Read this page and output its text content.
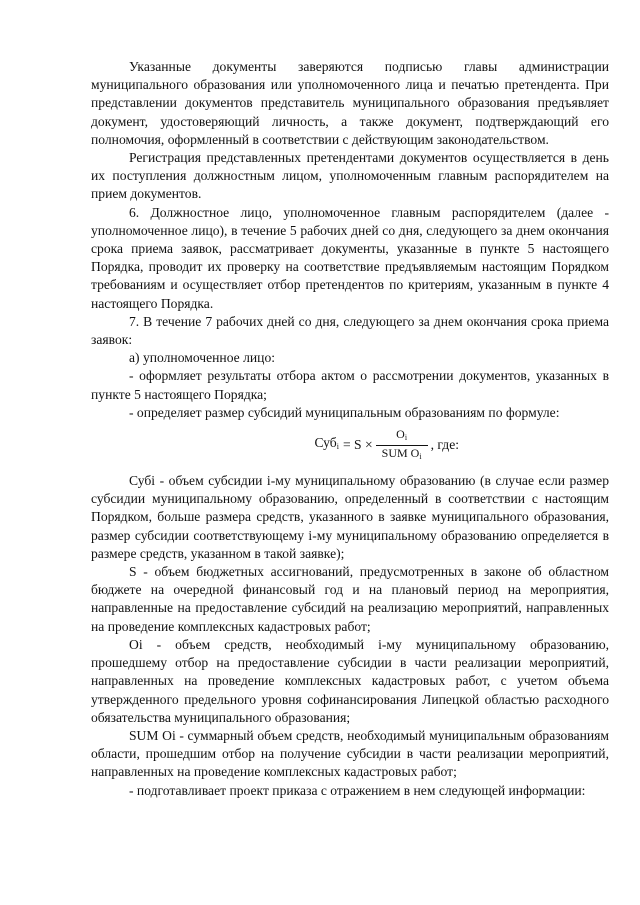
Указанные документы заверяются подписью главы администрации муниципального образования или уполномоченного лица и печатью претендента. При представлении документов представитель муниципального образования предъявляет документ, удостоверяющий личность, а также документ, подтверждающий его полномочия, оформленный в соответствии с действующим законодательством.

Регистрация представленных претендентами документов осуществляется в день их поступления должностным лицом, уполномоченным главным распорядителем на прием документов.

6. Должностное лицо, уполномоченное главным распорядителем (далее - уполномоченное лицо), в течение 5 рабочих дней со дня, следующего за днем окончания срока приема заявок, рассматривает документы, указанные в пункте 5 настоящего Порядка, проводит их проверку на соответствие предъявляемым настоящим Порядком требованиям и осуществляет отбор претендентов по критериям, указанным в пункте 4 настоящего Порядка.

7. В течение 7 рабочих дней со дня, следующего за днем окончания срока приема заявок:

а) уполномоченное лицо:

- оформляет результаты отбора актом о рассмотрении документов, указанных в пункте 5 настоящего Порядка;

- определяет размер субсидий муниципальным образованиям по формуле:

$Суб_i = S \times \frac{O_i}{SUM O_i}$ , где:

Субi - объем субсидии i-му муниципальному образованию (в случае если размер субсидии муниципальному образованию, определенный в соответствии с настоящим Порядком, больше размера средств, указанного в заявке муниципального образования, размер субсидии соответствующему i-му муниципальному образованию определяется в размере средств, указанном в такой заявке);

S - объем бюджетных ассигнований, предусмотренных в законе об областном бюджете на очередной финансовый год и на плановый период на мероприятия, направленные на предоставление субсидий на реализацию мероприятий, направленных на проведение комплексных кадастровых работ;

Oi - объем средств, необходимый i-му муниципальному образованию, прошедшему отбор на предоставление субсидии в части реализации мероприятий, направленных на проведение комплексных кадастровых работ, с учетом объема утвержденного предельного уровня софинансирования Липецкой областью расходного обязательства муниципального образования;

SUM Oi - суммарный объем средств, необходимый муниципальным образованиям области, прошедшим отбор на получение субсидии в части реализации мероприятий, направленных на проведение комплексных кадастровых работ;

- подготавливает проект приказа с отражением в нем следующей информации:
